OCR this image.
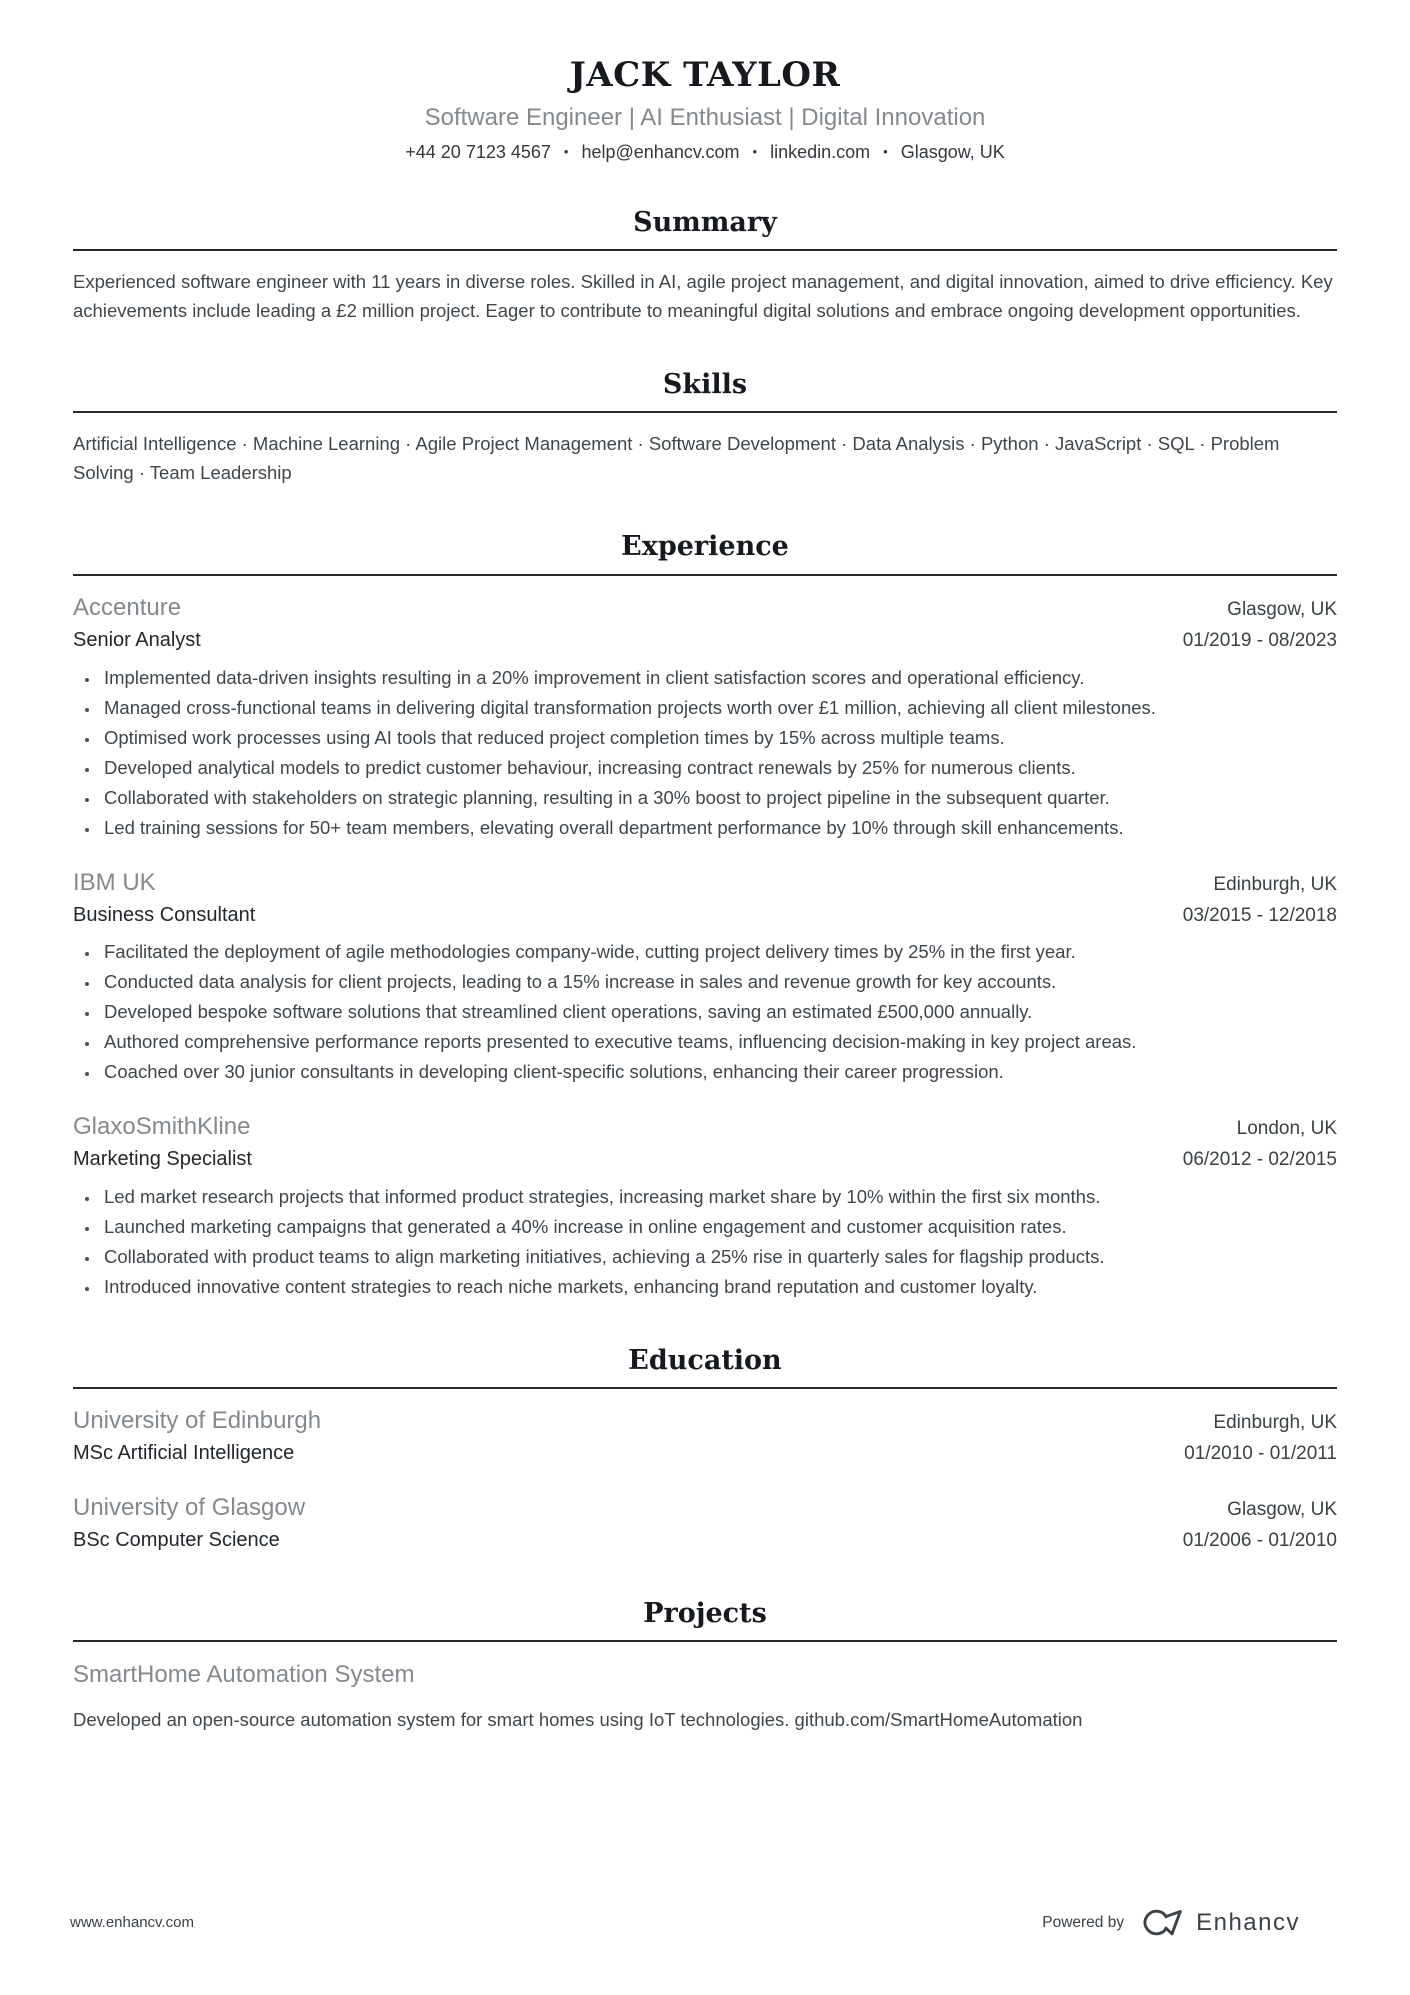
JACK TAYLOR
Software Engineer | AI Enthusiast | Digital Innovation
+44 20 7123 4567 • help@enhancv.com • linkedin.com • Glasgow, UK
Summary

Experienced software engineer with 11 years in diverse roles. Skilled in AI, agile project management, and digital innovation, aimed to drive efficiency. Key achievements include leading a £2 million project. Eager to contribute to meaningful digital solutions and embrace ongoing development opportunities.

Skills

Artificial Intelligence · Machine Learning · Agile Project Management · Software Development · Data Analysis · Python · JavaScript · SQL · Problem Solving · Team Leadership

Experience
Accenture	Glasgow, UK
Senior Analyst	01/2019 - 08/2023
• Implemented data-driven insights resulting in a 20% improvement in client satisfaction scores and operational efficiency.
• Managed cross-functional teams in delivering digital transformation projects worth over £1 million, achieving all client milestones.
• Optimised work processes using AI tools that reduced project completion times by 15% across multiple teams.
• Developed analytical models to predict customer behaviour, increasing contract renewals by 25% for numerous clients.
• Collaborated with stakeholders on strategic planning, resulting in a 30% boost to project pipeline in the subsequent quarter.
• Led training sessions for 50+ team members, elevating overall department performance by 10% through skill enhancements.
IBM UK	Edinburgh, UK
Business Consultant	03/2015 - 12/2018
• Facilitated the deployment of agile methodologies company-wide, cutting project delivery times by 25% in the first year.
• Conducted data analysis for client projects, leading to a 15% increase in sales and revenue growth for key accounts.
• Developed bespoke software solutions that streamlined client operations, saving an estimated £500,000 annually.
• Authored comprehensive performance reports presented to executive teams, influencing decision-making in key project areas.
• Coached over 30 junior consultants in developing client-specific solutions, enhancing their career progression.
GlaxoSmithKline	London, UK
Marketing Specialist	06/2012 - 02/2015
• Led market research projects that informed product strategies, increasing market share by 10% within the first six months.
• Launched marketing campaigns that generated a 40% increase in online engagement and customer acquisition rates.
• Collaborated with product teams to align marketing initiatives, achieving a 25% rise in quarterly sales for flagship products.
• Introduced innovative content strategies to reach niche markets, enhancing brand reputation and customer loyalty.
Education
University of Edinburgh	Edinburgh, UK
MSc Artificial Intelligence	01/2010 - 01/2011
University of Glasgow	Glasgow, UK
BSc Computer Science	01/2006 - 01/2010
Projects
SmartHome Automation System

Developed an open-source automation system for smart homes using IoT technologies. github.com/SmartHomeAutomation

www.enhancv.com	Powered by	Enhancv
